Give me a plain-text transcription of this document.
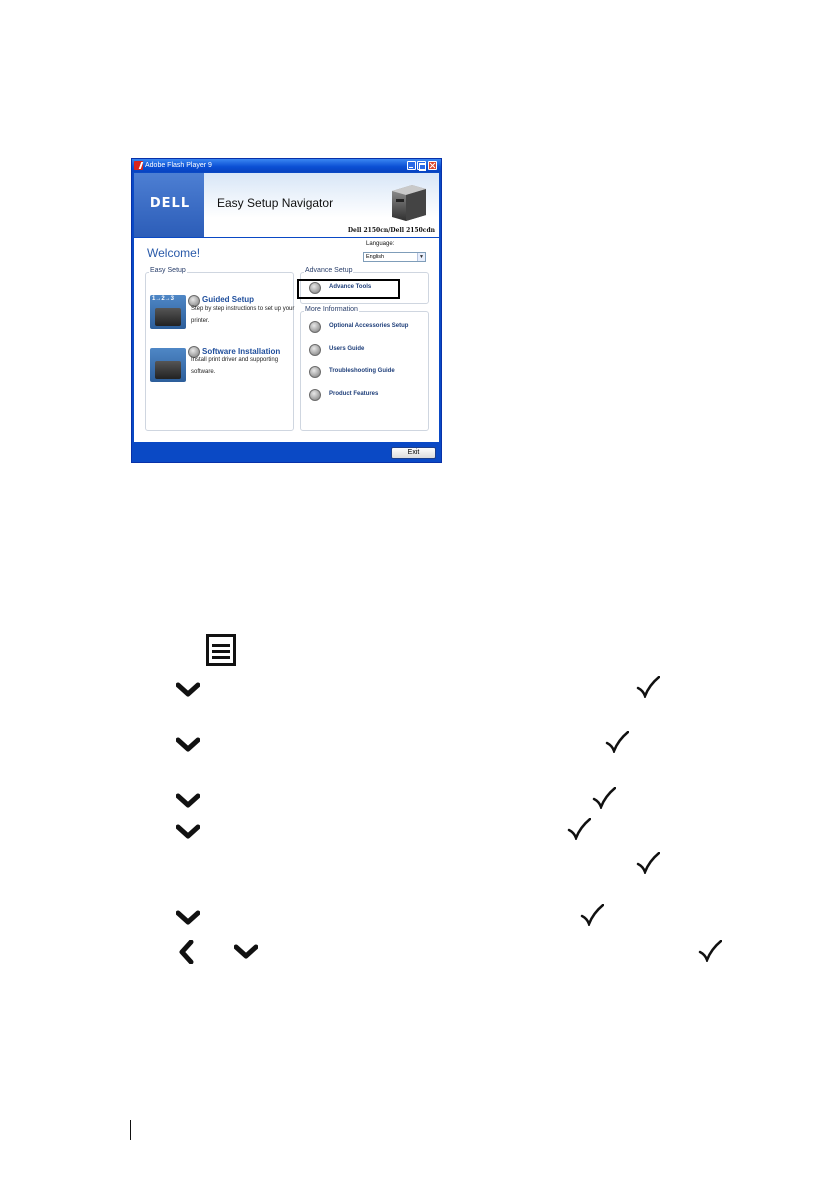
Adobe Flash Player 9
DELL Easy Setup Navigator
Dell 2150cn/Dell 2150cdn
Welcome!
Language:
English	▼
Easy Setup
1→2→3	Guided Setup
Step by step instructions to set up your printer.
Software Installation
Install print driver and supporting software.
Advance Setup
Advance Tools
More Information
Optional Accessories Setup
Users Guide
Troubleshooting Guide
Product Features
Exit
